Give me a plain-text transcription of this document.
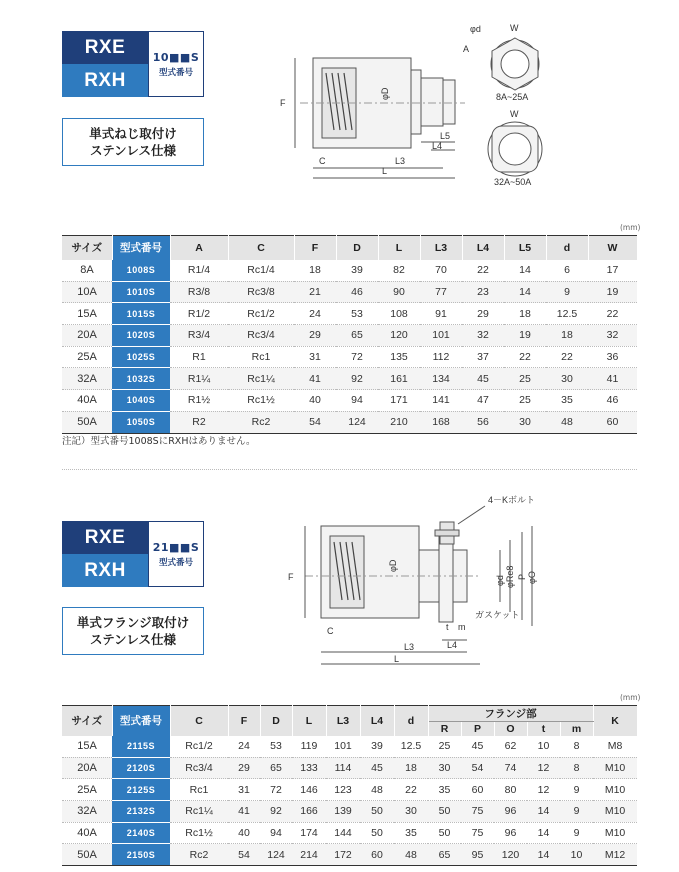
RXE
RXH
10■■S
型式番号
単式ねじ取付け
ステンレス仕様
F
C
φD
A
L5
L4
L3
L
φd	W
8A~25A
W
32A~50A
(mm)
サイズ	型式番号	A	C	F	D	L	L3	L4	L5	d	W
8A	1008S	R1/4	Rc1/4	18	39	82	70	22	14	6	17
10A	1010S	R3/8	Rc3/8	21	46	90	77	23	14	9	19
15A	1015S	R1/2	Rc1/2	24	53	108	91	29	18	12.5	22
20A	1020S	R3/4	Rc3/4	29	65	120	101	32	19	18	32
25A	1025S	R1	Rc1	31	72	135	112	37	22	22	36
32A	1032S	R1¼	Rc1¼	41	92	161	134	45	25	30	41
40A	1040S	R1½	Rc1½	40	94	171	141	47	25	35	46
50A	1050S	R2	Rc2	54	124	210	168	56	30	48	60
注記）型式番号1008SにRXHはありません。
RXE
RXH
21■■S
型式番号
単式フランジ取付け
ステンレス仕様
F
C
φD
4－Kボルト
φd φRe8 P φO
ガスケット
t m
L4
L3
L
(mm)
サイズ	型式番号	C	F	D	L	L3	L4	d	フランジ部					K
									R	P	O	t	m	
15A	2115S	Rc1/2	24	53	119	101	39	12.5	25	45	62	10	8	M8
20A	2120S	Rc3/4	29	65	133	114	45	18	30	54	74	12	8	M10
25A	2125S	Rc1	31	72	146	123	48	22	35	60	80	12	9	M10
32A	2132S	Rc1¼	41	92	166	139	50	30	50	75	96	14	9	M10
40A	2140S	Rc1½	40	94	174	144	50	35	50	75	96	14	9	M10
50A	2150S	Rc2	54	124	214	172	60	48	65	95	120	14	10	M12
